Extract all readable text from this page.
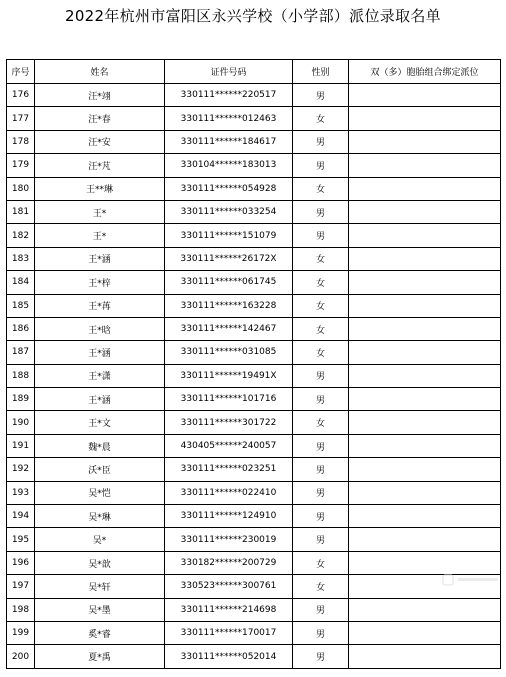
2022年杭州市富阳区永兴学校（小学部）派位录取名单
序号	姓名	证件号码	性别	双（多）胞胎组合绑定派位
176	汪*翊	330111******220517	男	
177	汪*春	330111******012463	女	
178	汪*安	330111******184617	男	
179	汪*芃	330104******183013	男	
180	王**琳	330111******054928	女	
181	王*	330111******033254	男	
182	王*	330111******151079	男	
183	王*涵	330111******26172X	女	
184	王*梓	330111******061745	女	
185	王*苒	330111******163228	女	
186	王*晗	330111******142467	女	
187	王*涵	330111******031085	女	
188	王*潇	330111******19491X	男	
189	王*涵	330111******101716	男	
190	王*文	330111******301722	女	
191	魏*晨	430405******240057	男	
192	沃*臣	330111******023251	男	
193	吴*恺	330111******022410	男	
194	吴*琳	330111******124910	男	
195	吴*	330111******230019	男	
196	吴*歆	330182******200729	女	
197	吴*轩	330523******300761	女	
198	吴*墨	330111******214698	男	
199	奚*睿	330111******170017	男	
200	夏*禹	330111******052014	男	
